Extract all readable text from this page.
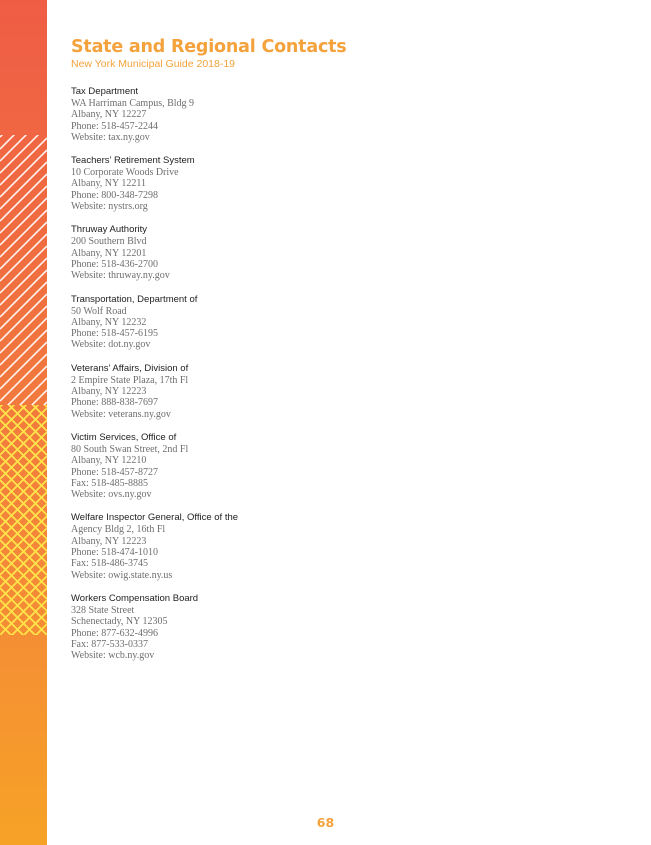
State and Regional Contacts

New York Municipal Guide 2018-19

Tax Department
WA Harriman Campus, Bldg 9
Albany, NY 12227
Phone: 518-457-2244
Website: tax.ny.gov
Teachers’ Retirement System
10 Corporate Woods Drive
Albany, NY 12211
Phone: 800-348-7298
Website: nystrs.org
Thruway Authority
200 Southern Blvd
Albany, NY 12201
Phone: 518-436-2700
Website: thruway.ny.gov
Transportation, Department of
50 Wolf Road
Albany, NY 12232
Phone: 518-457-6195
Website: dot.ny.gov
Veterans’ Affairs, Division of
2 Empire State Plaza, 17th Fl
Albany, NY 12223
Phone: 888-838-7697
Website: veterans.ny.gov
Victim Services, Office of
80 South Swan Street, 2nd Fl
Albany, NY 12210
Phone: 518-457-8727
Fax: 518-485-8885
Website: ovs.ny.gov
Welfare Inspector General, Office of the
Agency Bldg 2, 16th Fl
Albany, NY 12223
Phone: 518-474-1010
Fax: 518-486-3745
Website: owig.state.ny.us
Workers Compensation Board
328 State Street
Schenectady, NY 12305
Phone: 877-632-4996
Fax: 877-533-0337
Website: wcb.ny.gov
68
